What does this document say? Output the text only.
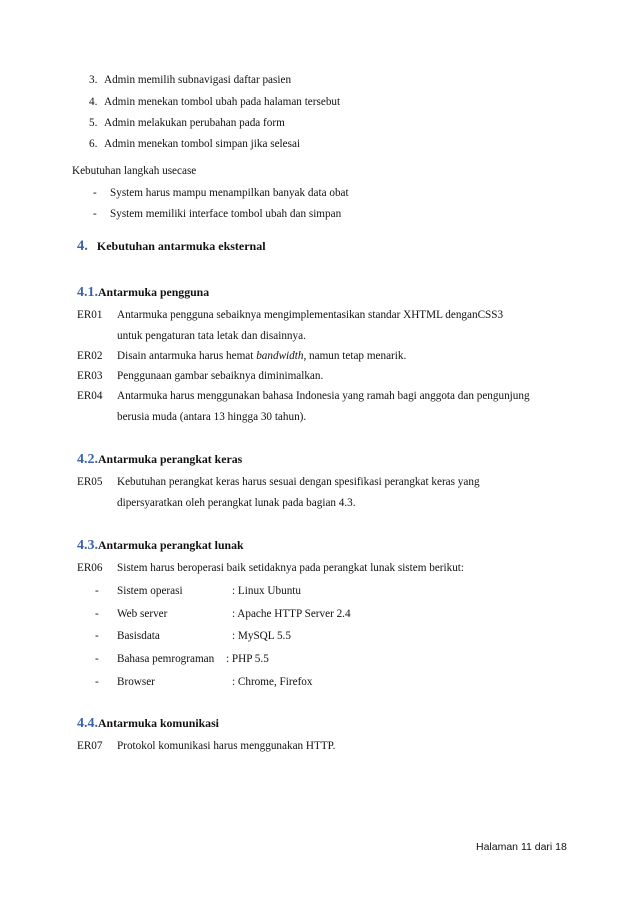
3. Admin memilih subnavigasi daftar pasien
4. Admin menekan tombol ubah pada halaman tersebut
5. Admin melakukan perubahan pada form
6. Admin menekan tombol simpan jika selesai
Kebutuhan langkah usecase
- System harus mampu menampilkan banyak data obat
- System memiliki interface tombol ubah dan simpan
4. Kebutuhan antarmuka eksternal
4.1.Antarmuka pengguna
ER01 Antarmuka pengguna sebaiknya mengimplementasikan standar XHTML denganCSS3
untuk pengaturan tata letak dan disainnya.
ER02 Disain antarmuka harus hemat bandwidth, namun tetap menarik.
ER03 Penggunaan gambar sebaiknya diminimalkan.
ER04 Antarmuka harus menggunakan bahasa Indonesia yang ramah bagi anggota dan pengunjung
berusia muda (antara 13 hingga 30 tahun).
4.2.Antarmuka perangkat keras
ER05 Kebutuhan perangkat keras harus sesuai dengan spesifikasi perangkat keras yang
dipersyaratkan oleh perangkat lunak pada bagian 4.3.
4.3.Antarmuka perangkat lunak
ER06 Sistem harus beroperasi baik setidaknya pada perangkat lunak sistem berikut:
- Sistem operasi	: Linux Ubuntu
- Web server	: Apache HTTP Server 2.4
- Basisdata	: MySQL 5.5
- Bahasa pemrograman : PHP 5.5
- Browser	: Chrome, Firefox
4.4.Antarmuka komunikasi
ER07 Protokol komunikasi harus menggunakan HTTP.
Halaman 11 dari 18
